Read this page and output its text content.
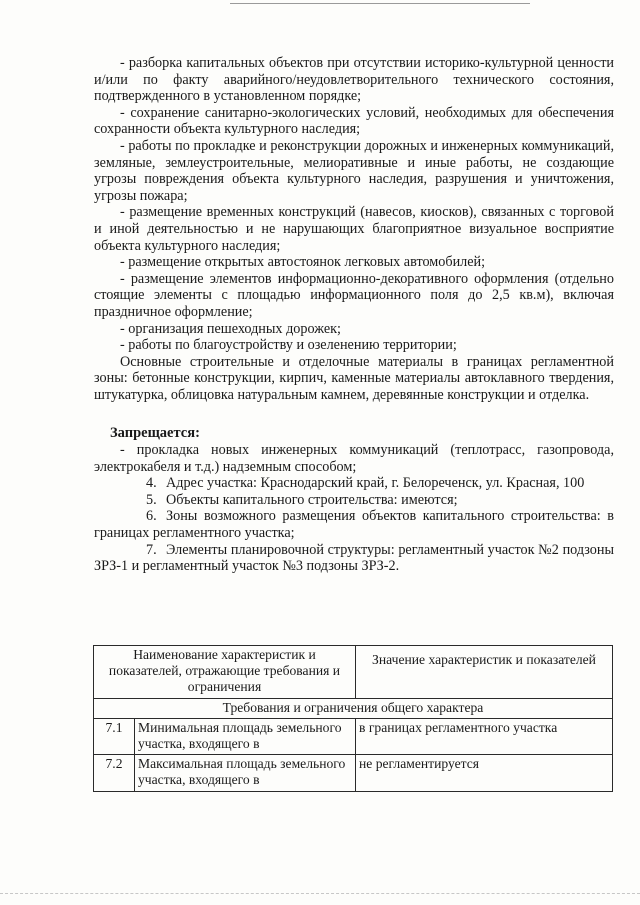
- разборка капитальных объектов при отсутствии историко-культурной ценности и/или по факту аварийного/неудовлетворительного технического состояния, подтвержденного в установленном порядке;

- сохранение санитарно-экологических условий, необходимых для обеспечения сохранности объекта культурного наследия;

- работы по прокладке и реконструкции дорожных и инженерных коммуникаций, земляные, землеустроительные, мелиоративные и иные работы, не создающие угрозы повреждения объекта культурного наследия, разрушения и уничтожения, угрозы пожара;

- размещение временных конструкций (навесов, киосков), связанных с торговой и иной деятельностью и не нарушающих благоприятное визуальное восприятие объекта культурного наследия;

- размещение открытых автостоянок легковых автомобилей;

- размещение элементов информационно-декоративного оформления (отдельно стоящие элементы с площадью информационного поля до 2,5 кв.м), включая праздничное оформление;

- организация пешеходных дорожек;

- работы по благоустройству и озеленению территории;

Основные строительные и отделочные материалы в границах регламентной зоны: бетонные конструкции, кирпич, каменные материалы автоклавного твердения, штукатурка, облицовка натуральным камнем, деревянные конструкции и отделка.

Запрещается:

- прокладка новых инженерных коммуникаций (теплотрасс, газопровода, электрокабеля и т.д.) надземным способом;

4. Адрес участка: Краснодарский край, г. Белореченск, ул. Красная, 100

5. Объекты капитального строительства: имеются;

6. Зоны возможного размещения объектов капитального строительства: в границах регламентного участка;

7. Элементы планировочной структуры: регламентный участок №2 подзоны ЗРЗ-1 и регламентный участок №3 подзоны ЗРЗ-2.

Наименование характеристик и показателей, отражающие требования и ограничения		Значение характеристик и показателей
Требования и ограничения общего характера		
7.1	Минимальная площадь земельного участка, входящего в	в границах регламентного участка
7.2	Максимальная площадь земельного участка, входящего в	не регламентируется
